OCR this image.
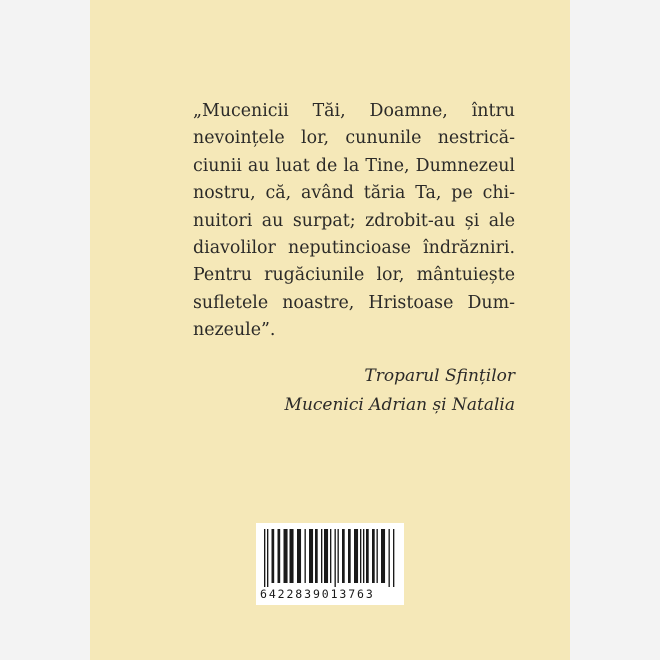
„Mucenicii Tăi, Doamne, întru
nevoințele lor, cununile nestrică-
ciunii au luat de la Tine, Dumnezeul
nostru, că, având tăria Ta, pe chi-
nuitori au surpat; zdrobit-au și ale
diavolilor neputincioase îndrăzniri.
Pentru rugăciunile lor, mântuiește
sufletele noastre, Hristoase Dum-
nezeule”.
Troparul Sfinților
Mucenici Adrian și Natalia
6422839013763
